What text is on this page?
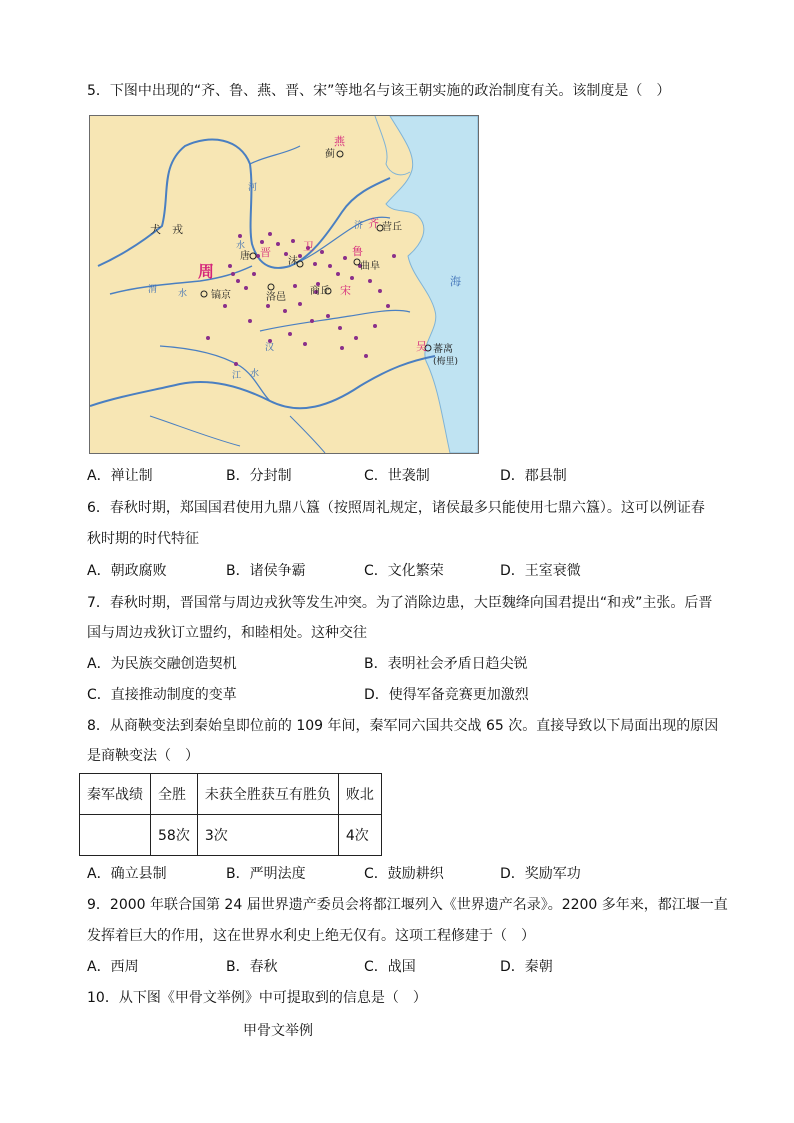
5．下图中出现的“齐、鲁、燕、晋、宋”等地名与该王朝实施的政治制度有关。该制度是（　）
燕
蓟
犬　戎
周
镐京
唐 晋	卫
沬
洛邑
齐 营丘
鲁
曲阜
宋
商丘
吴 蕃离
(梅里)
海
河
水
济
渭 水
汉
水
江
A．禅让制	B．分封制	C．世袭制	D．郡县制
6．春秋时期，郑国国君使用九鼎八簋（按照周礼规定，诸侯最多只能使用七鼎六簋）。这可以例证春
秋时期的时代特征
A．朝政腐败	B．诸侯争霸	C．文化繁荣	D．王室衰微
7．春秋时期，晋国常与周边戎狄等发生冲突。为了消除边患，大臣魏绛向国君提出“和戎”主张。后晋
国与周边戎狄订立盟约，和睦相处。这种交往
A．为民族交融创造契机	B．表明社会矛盾日趋尖锐
C．直接推动制度的变革	D．使得军备竞赛更加激烈
8．从商鞅变法到秦始皇即位前的 109 年间，秦军同六国共交战 65 次。直接导致以下局面出现的原因
是商鞅变法（　）
秦军战绩	全胜	未获全胜获互有胜负	败北
	58次	3次	4次
A．确立县制	B．严明法度	C．鼓励耕织	D．奖励军功
9．2000 年联合国第 24 届世界遗产委员会将都江堰列入《世界遗产名录》。2200 多年来，都江堰一直
发挥着巨大的作用，这在世界水利史上绝无仅有。这项工程修建于（　）
A．西周	B．春秋	C．战国	D．秦朝
10．从下图《甲骨文举例》中可提取到的信息是（　）
甲骨文举例
